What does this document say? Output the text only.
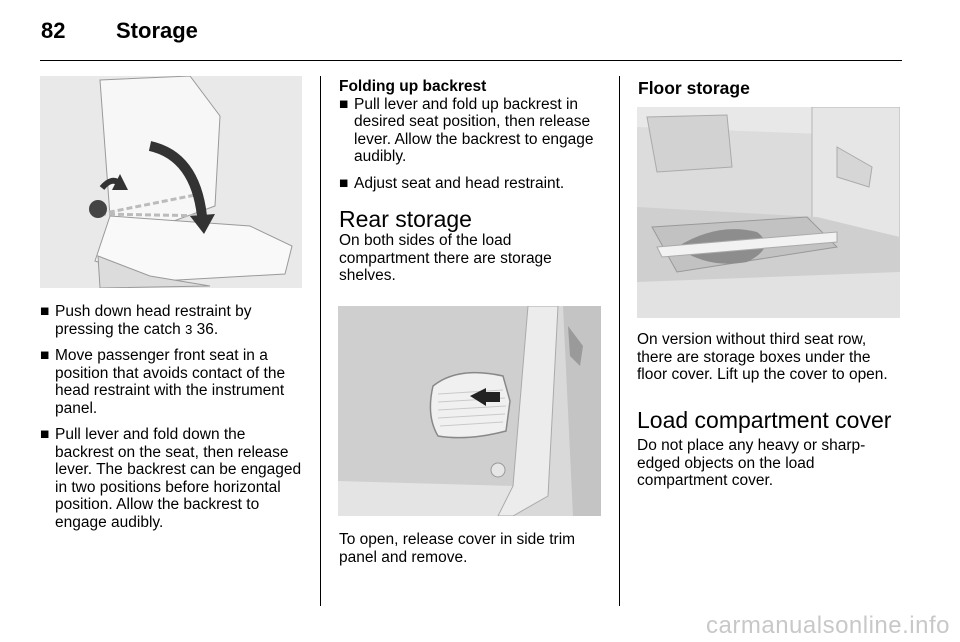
82 Storage
■ Push down head restraint by pressing the catch 3 36.
■ Move passenger front seat in a position that avoids contact of the head restraint with the instrument panel.
■ Pull lever and fold down the backrest on the seat, then release lever. The backrest can be engaged in two positions before horizontal position. Allow the backrest to engage audibly.
Folding up backrest
■ Pull lever and fold up backrest in desired seat position, then release lever. Allow the backrest to engage audibly.
■ Adjust seat and head restraint.
Rear storage
On both sides of the load compartment there are storage shelves.
To open, release cover in side trim panel and remove.
Floor storage
On version without third seat row, there are storage boxes under the floor cover. Lift up the cover to open.
Load compartment cover
Do not place any heavy or sharp-edged objects on the load compartment cover.
carmanualsonline.info
